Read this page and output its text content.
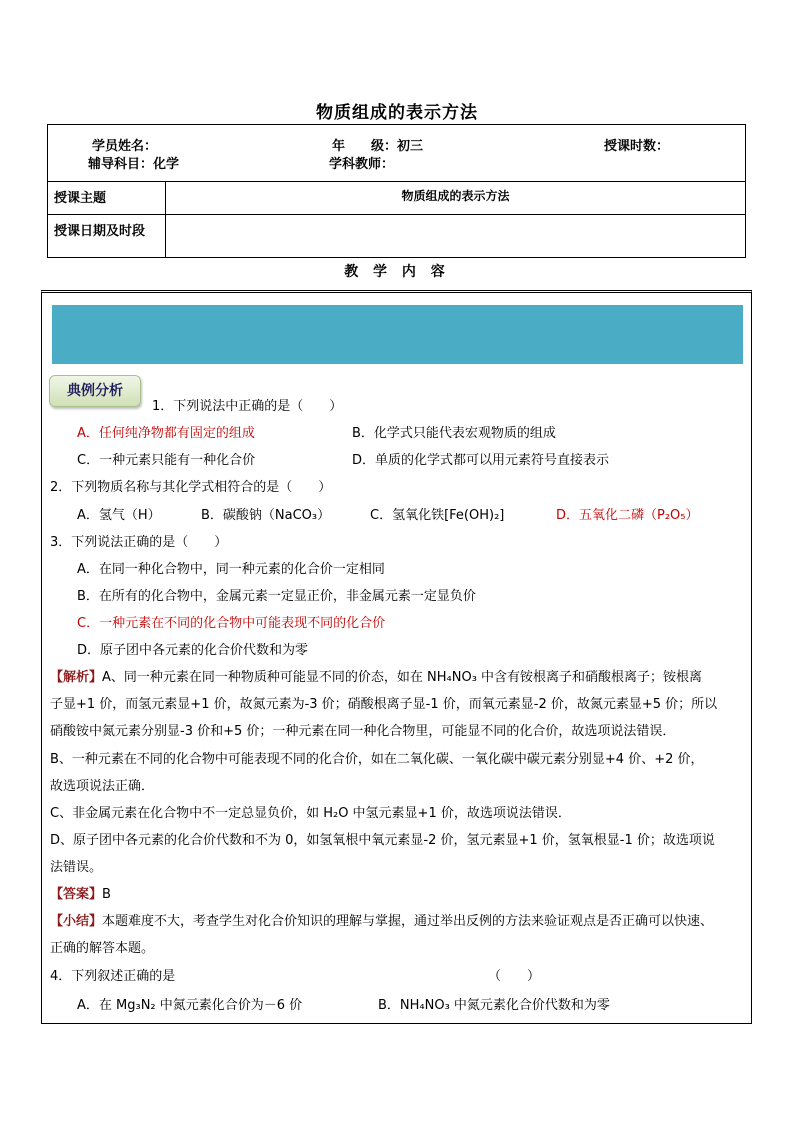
物质组成的表示方法
学员姓名：	年　　级：初三	授课时数：
辅导科目：化学	学科教师：
授课主题	物质组成的表示方法
授课日期及时段
教 学 内 容
典例分析
1．下列说法中正确的是（　　）
A．任何纯净物都有固定的组成	B．化学式只能代表宏观物质的组成
C．一种元素只能有一种化合价	D．单质的化学式都可以用元素符号直接表示
2．下列物质名称与其化学式相符合的是（　　）
A．氢气（H）	B．碳酸钠（NaCO₃）	C．氢氧化铁[Fe(OH)₂]	D．五氧化二磷（P₂O₅）
3．下列说法正确的是（　　）
A．在同一种化合物中，同一种元素的化合价一定相同
B．在所有的化合物中，金属元素一定显正价，非金属元素一定显负价
C．一种元素在不同的化合物中可能表现不同的化合价
D．原子团中各元素的化合价代数和为零
【解析】A、同一种元素在同一种物质种可能显不同的价态，如在 NH₄NO₃ 中含有铵根离子和硝酸根离子；铵根离
子显+1 价，而氢元素显+1 价，故氮元素为-3 价；硝酸根离子显-1 价，而氧元素显-2 价，故氮元素显+5 价；所以
硝酸铵中氮元素分别显-3 价和+5 价；一种元素在同一种化合物里，可能显不同的化合价，故选项说法错误．
B、一种元素在不同的化合物中可能表现不同的化合价，如在二氧化碳、一氧化碳中碳元素分别显+4 价、+2 价，
故选项说法正确．
C、非金属元素在化合物中不一定总显负价，如 H₂O 中氢元素显+1 价，故选项说法错误．
D、原子团中各元素的化合价代数和不为 0，如氢氧根中氧元素显-2 价，氢元素显+1 价，氢氧根显-1 价；故选项说
法错误。
【答案】B
【小结】本题难度不大，考查学生对化合价知识的理解与掌握，通过举出反例的方法来验证观点是否正确可以快速、
正确的解答本题。
4．下列叙述正确的是	（　　）
A．在 Mg₃N₂ 中氮元素化合价为－6 价	B．NH₄NO₃ 中氮元素化合价代数和为零
